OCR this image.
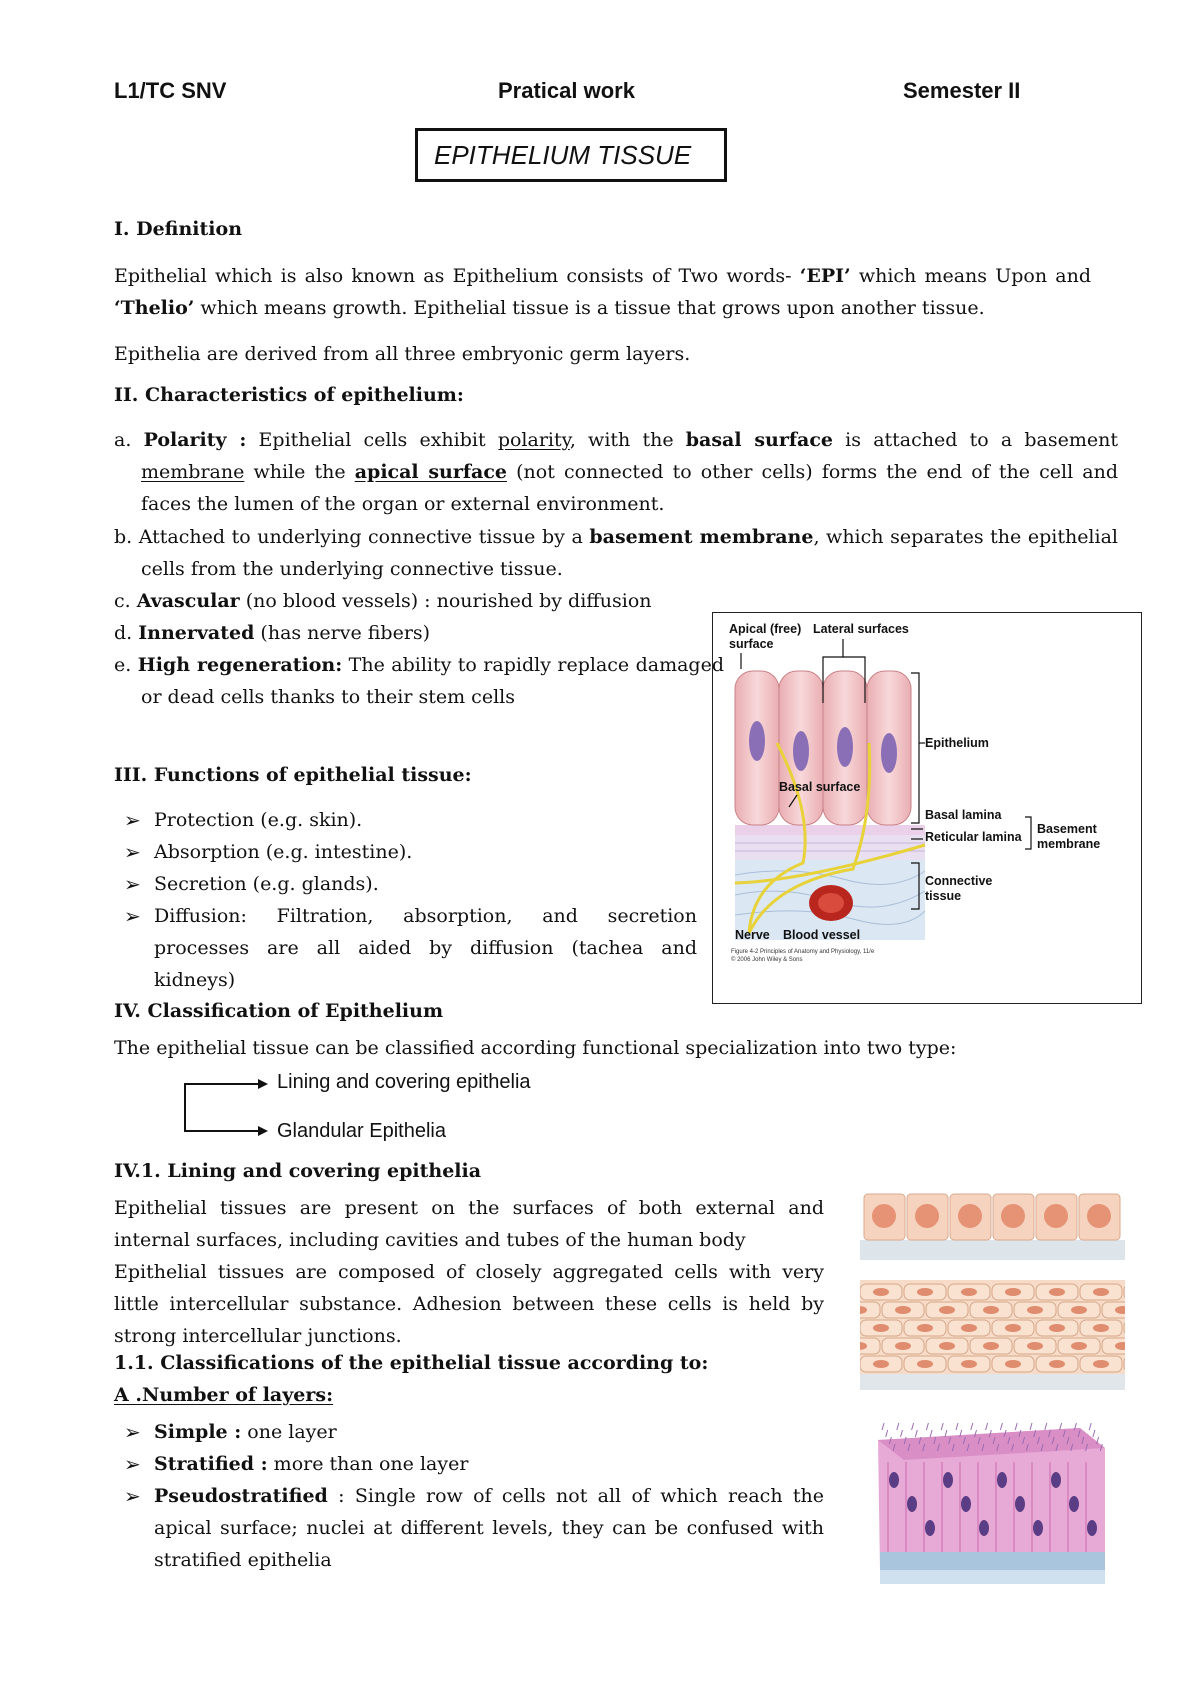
L1/TC SNV	Pratical work	Semester II
EPITHELIUM TISSUE
I. Definition
Epithelial which is also known as Epithelium consists of Two words- ‘EPI’ which means Upon and ‘Thelio’ which means growth. Epithelial tissue is a tissue that grows upon another tissue.
Epithelia are derived from all three embryonic germ layers.
II. Characteristics of epithelium:
a. Polarity : Epithelial cells exhibit polarity, with the basal surface is attached to a basement membrane while the apical surface (not connected to other cells) forms the end of the cell and faces the lumen of the organ or external environment.
b. Attached to underlying connective tissue by a basement membrane, which separates the epithelial cells from the underlying connective tissue.
c. Avascular (no blood vessels) : nourished by diffusion
d. Innervated (has nerve fibers)
e. High regeneration: The ability to rapidly replace damaged or dead cells thanks to their stem cells
III. Functions of epithelial tissue:
➢ Protection (e.g. skin).
➢ Absorption (e.g. intestine).
➢ Secretion (e.g. glands).
➢ Diffusion: Filtration, absorption, and secretion processes are all aided by diffusion (tachea and kidneys)
IV. Classification of Epithelium
The epithelial tissue can be classified according functional specialization into two type:
Lining and covering epithelia
Glandular Epithelia
IV.1. Lining and covering epithelia
Epithelial tissues are present on the surfaces of both external and internal surfaces, including cavities and tubes of the human body
Epithelial tissues are composed of closely aggregated cells with very little intercellular substance. Adhesion between these cells is held by strong intercellular junctions.
1.1. Classifications of the epithelial tissue according to:
A .Number of layers:
➢ Simple : one layer
➢ Stratified : more than one layer
➢ Pseudostratified : Single row of cells not all of which reach the apical surface; nuclei at different levels, they can be confused with stratified epithelia
Apical (free)
surface
Lateral surfaces
Epithelium
Basal surface
Basal lamina
Reticular lamina
Basement
membrane
Connective
tissue
Nerve Blood vessel
Figure 4-2 Principles of Anatomy and Physiology, 11/e
© 2006 John Wiley & Sons
